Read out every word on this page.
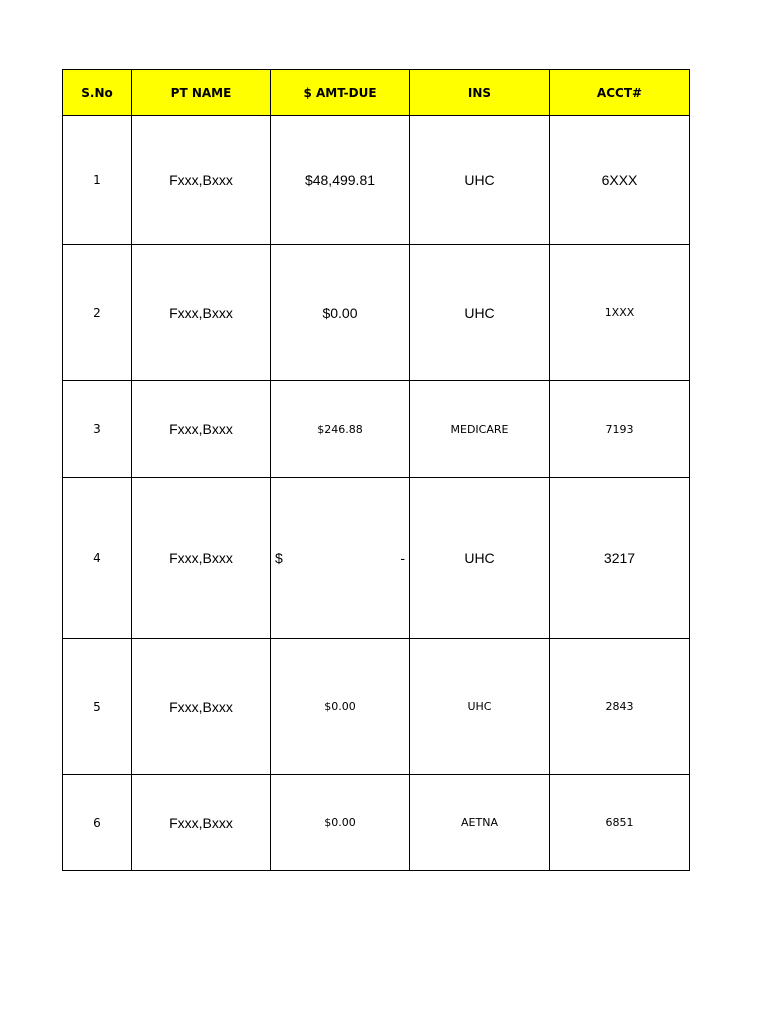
S.No	PT NAME	$ AMT-DUE	INS	ACCT#
1	Fxxx,Bxxx	$48,499.81	UHC	6XXX
2	Fxxx,Bxxx	$0.00	UHC	1XXX
3	Fxxx,Bxxx	$246.88	MEDICARE	7193
4	Fxxx,Bxxx	$ -	UHC	3217
5	Fxxx,Bxxx	$0.00	UHC	2843
6	Fxxx,Bxxx	$0.00	AETNA	6851
